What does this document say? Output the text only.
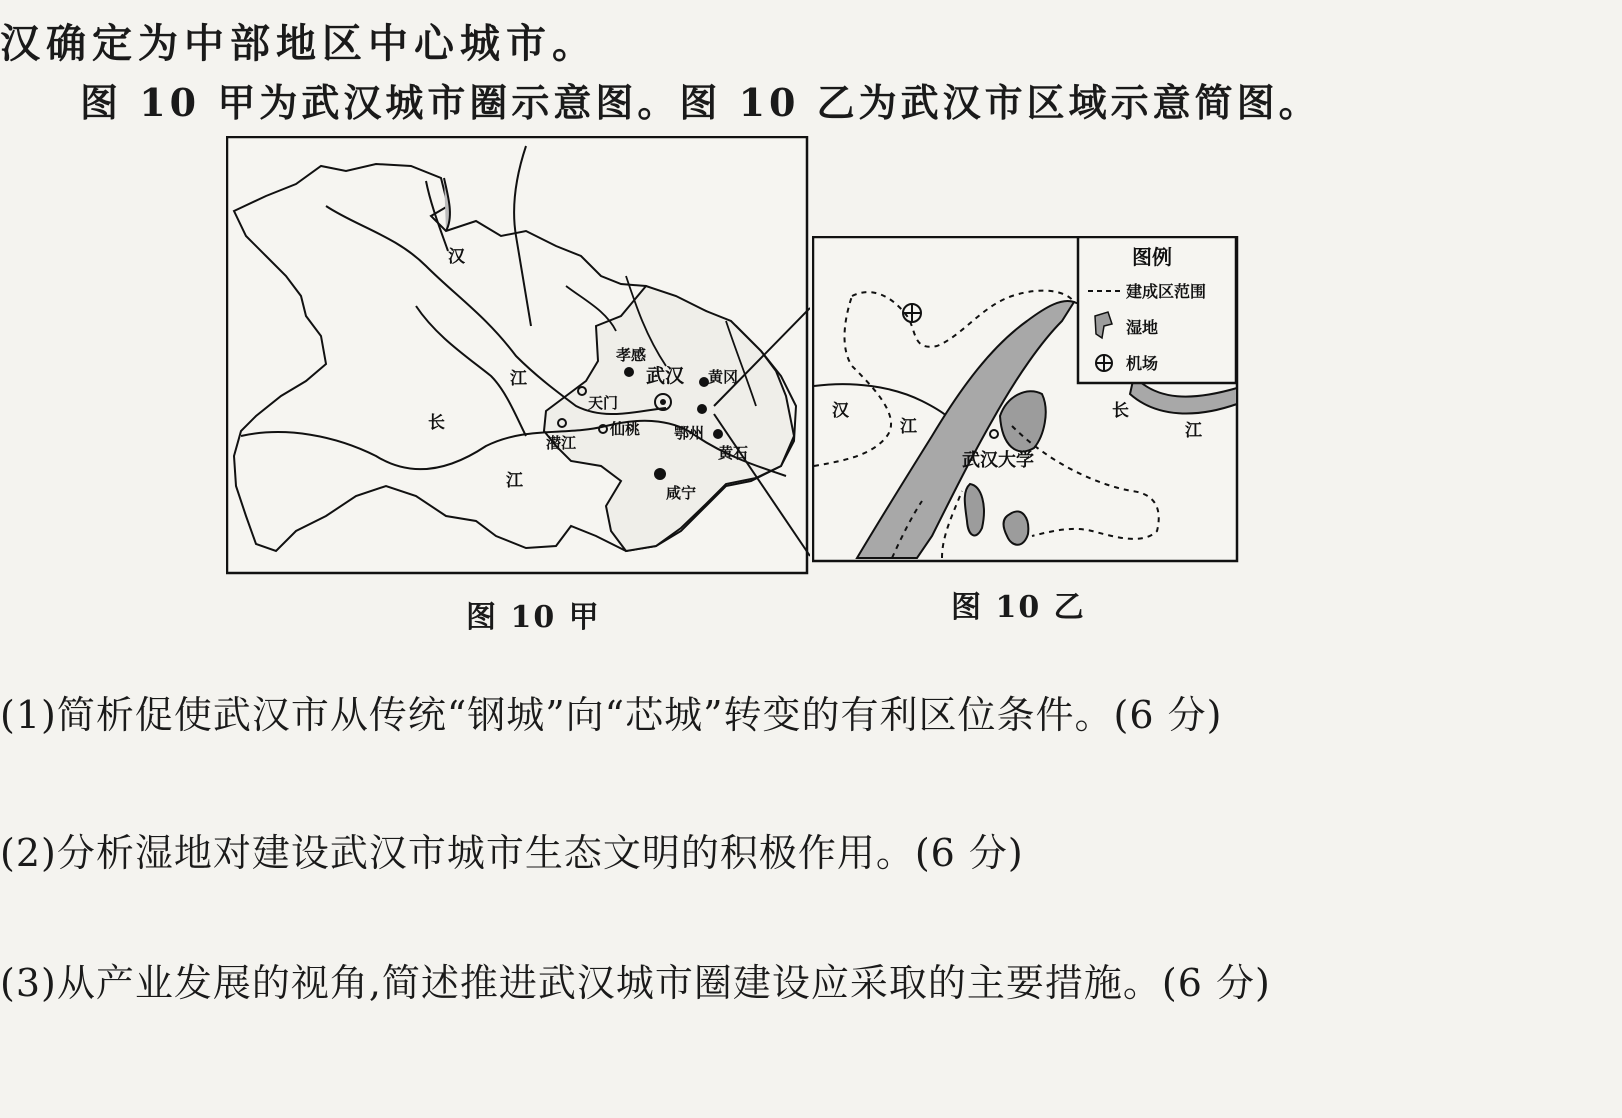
汉确定为中部地区中心城市。
图 10 甲为武汉城市圈示意图。图 10 乙为武汉市区域示意简图。
汉
江
长
江
孝感
武汉 黄冈
天门
潜江
仙桃 鄂州
黄石
咸宁
图 10 甲
汉
江
长
江
武汉大学
图例
建成区范围
湿地
机场
图 10 乙
(1)简析促使武汉市从传统“钢城”向“芯城”转变的有利区位条件。(6 分)
(2)分析湿地对建设武汉市城市生态文明的积极作用。(6 分)
(3)从产业发展的视角,简述推进武汉城市圈建设应采取的主要措施。(6 分)
